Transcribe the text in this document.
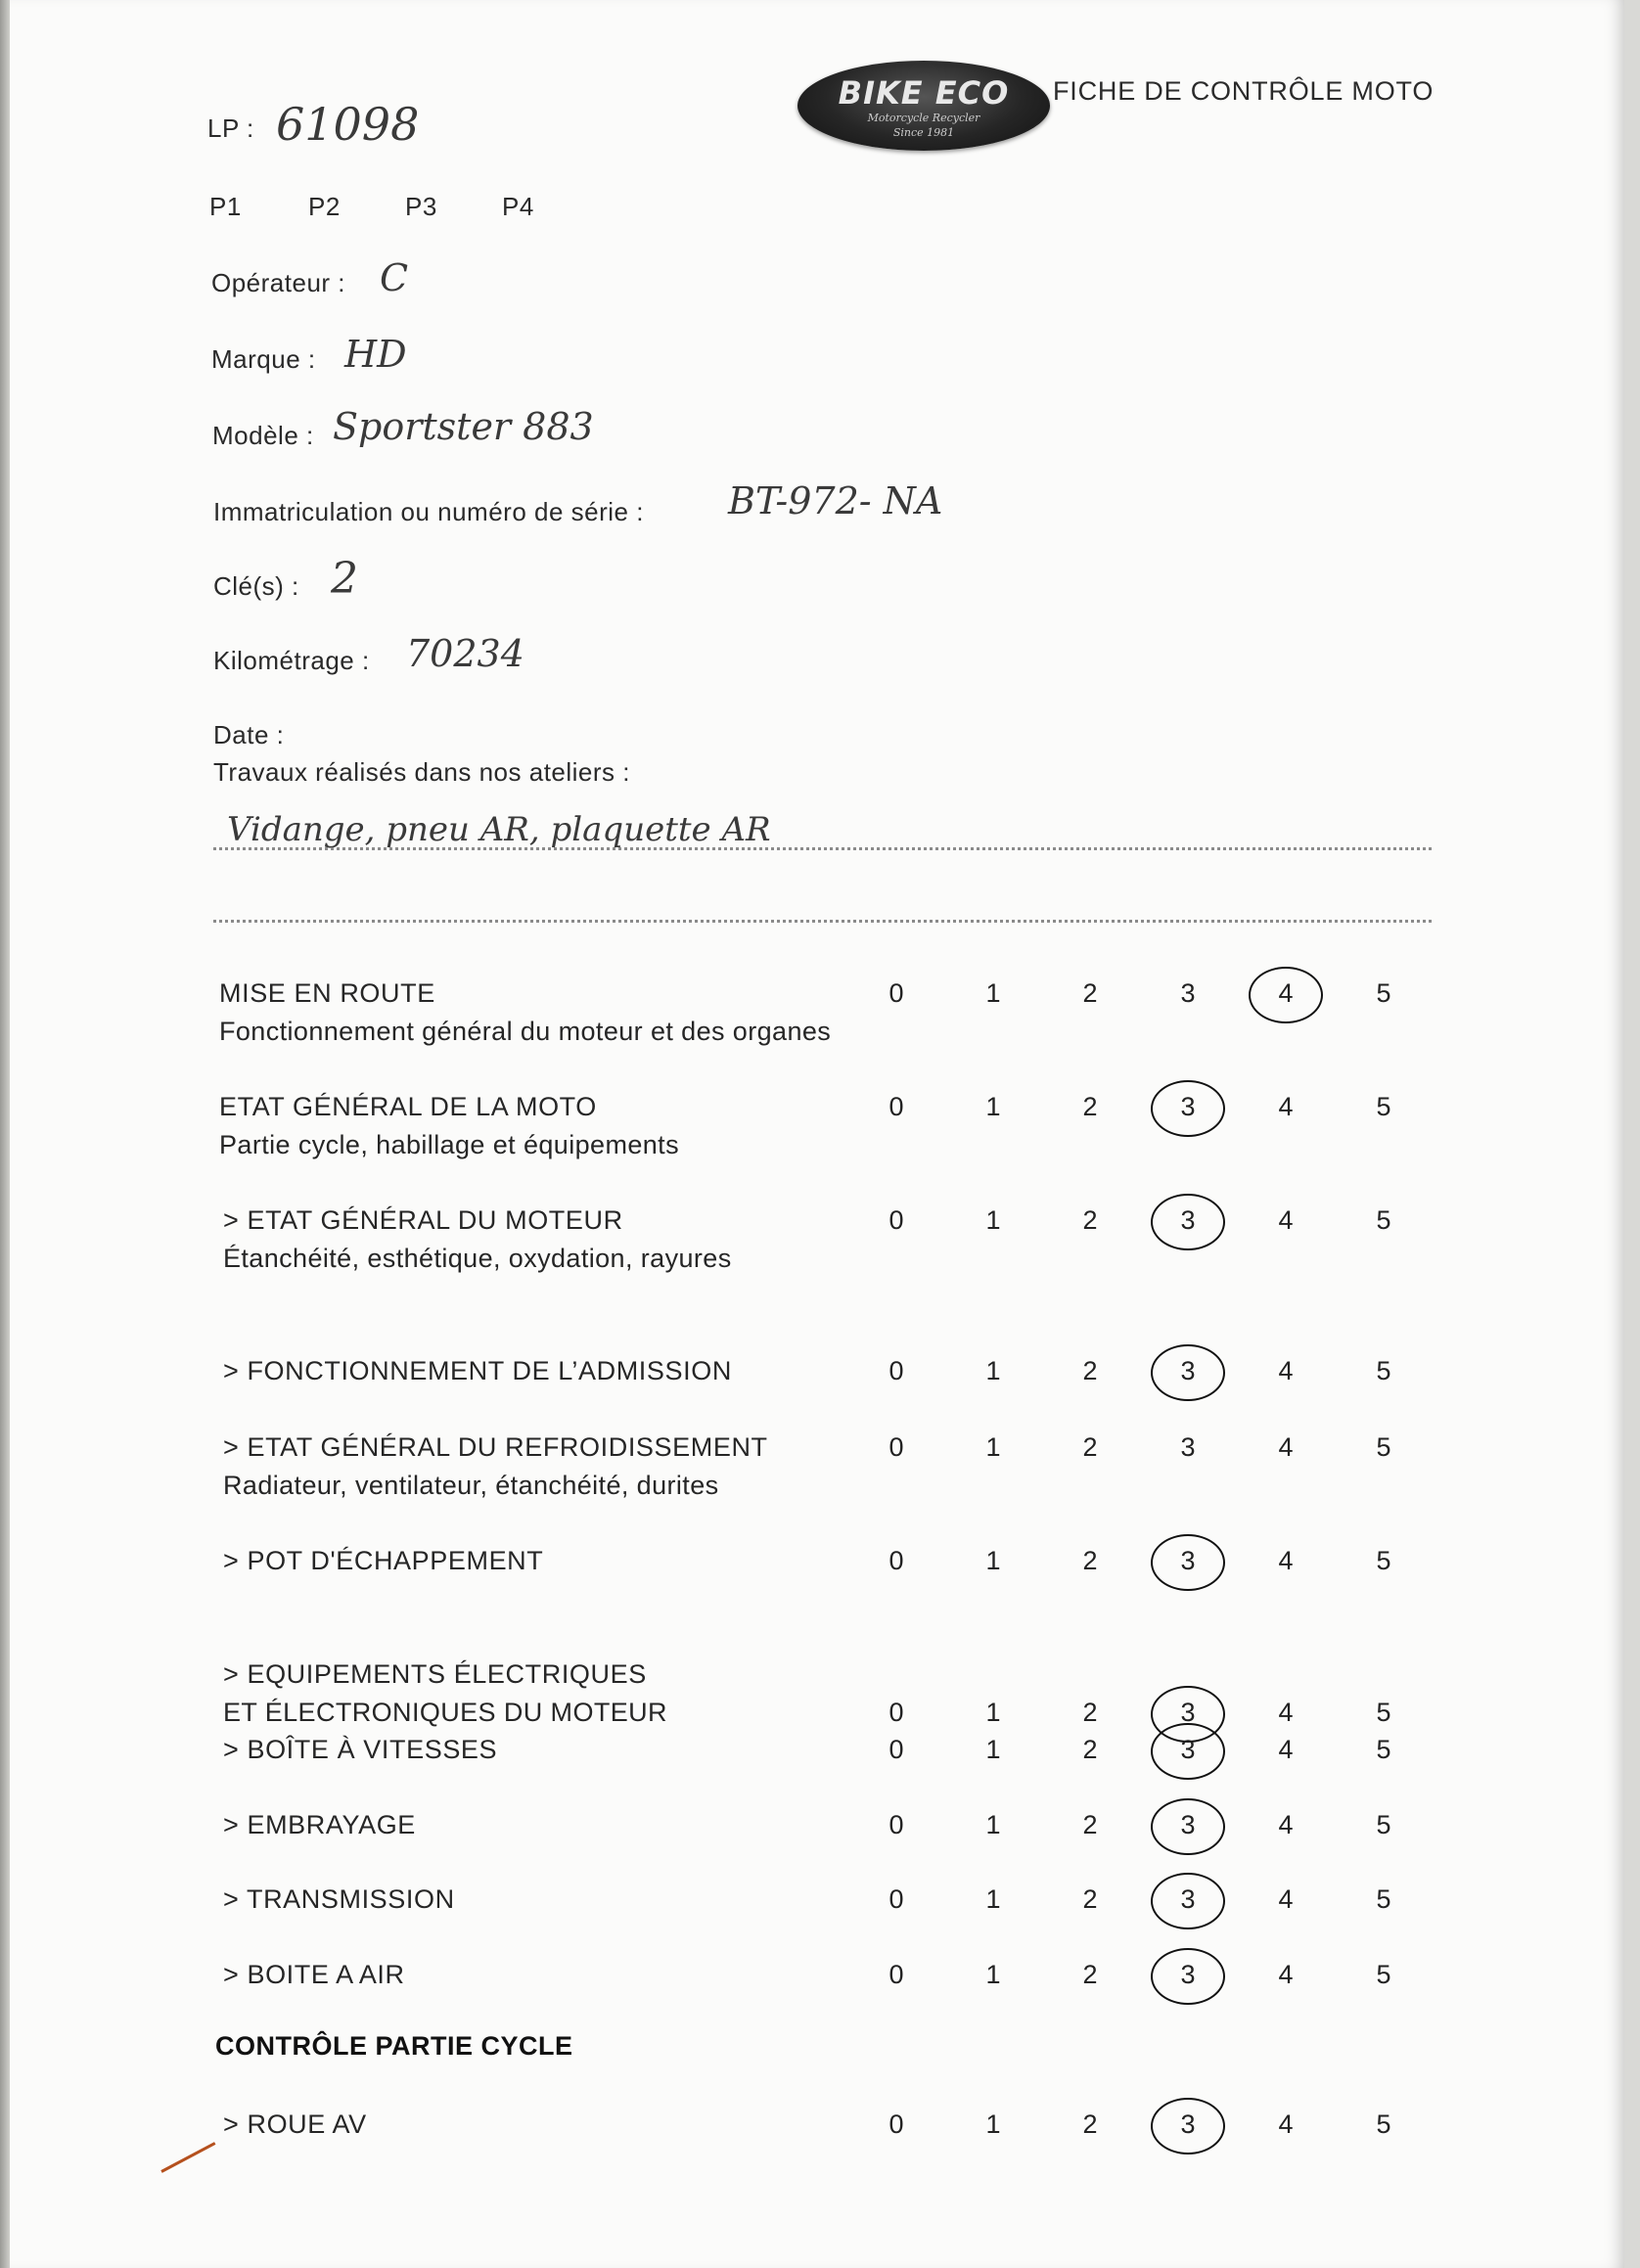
BIKE ECO
Motorcycle Recycler
Since 1981
FICHE DE CONTRÔLE MOTO
LP : 61098
P1	P2	P3	P4
Opérateur : C
Marque : HD
Modèle : Sportster 883
Immatriculation ou numéro de série : BT-972- NA
Clé(s) : 2
Kilométrage : 70234
Date :
Travaux réalisés dans nos ateliers :
Vidange, pneu AR, plaquette AR
CONTRÔLE PARTIE CYCLE
MISE EN ROUTE
Fonctionnement général du moteur et des organes
0	1	2	3	4	5
ETAT GÉNÉRAL DE LA MOTO
Partie cycle, habillage et équipements
0	1	2	3	4	5
> ETAT GÉNÉRAL DU MOTEUR
Étanchéité, esthétique, oxydation, rayures
0	1	2	3	4	5
> FONCTIONNEMENT DE L’ADMISSION	0	1	2	3	4	5
> ETAT GÉNÉRAL DU REFROIDISSEMENT
Radiateur, ventilateur, étanchéité, durites
0	1	2	3	4	5
> POT D'ÉCHAPPEMENT	0	1	2	3	4	5
> EQUIPEMENTS ÉLECTRIQUES
ET ÉLECTRONIQUES DU MOTEUR	0	1	2	3	4	5
> BOÎTE À VITESSES	0	1	2	3	4	5
> EMBRAYAGE	0	1	2	3	4	5
> TRANSMISSION	0	1	2	3	4	5
> BOITE A AIR	0	1	2	3	4	5
> ROUE AV	0	1	2	3	4	5
